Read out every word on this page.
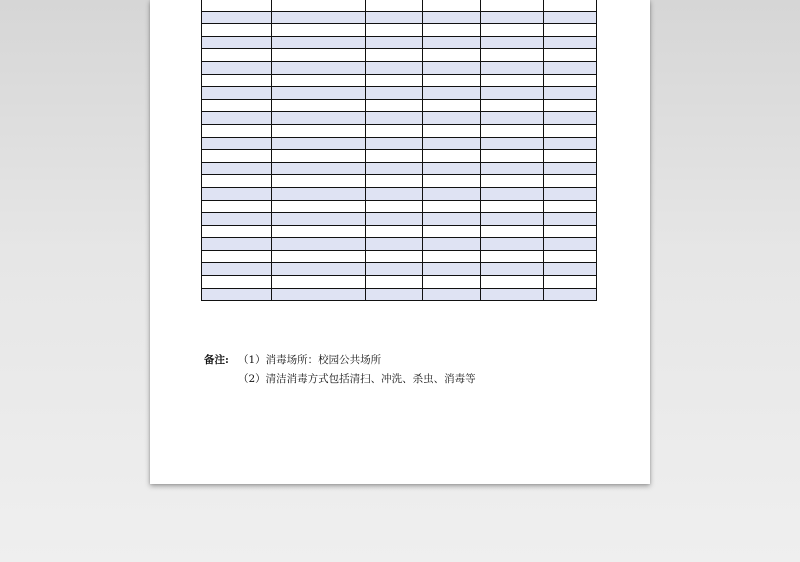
备注: （1）消毒场所：校园公共场所
（2）清洁消毒方式包括清扫、冲洗、杀虫、消毒等
